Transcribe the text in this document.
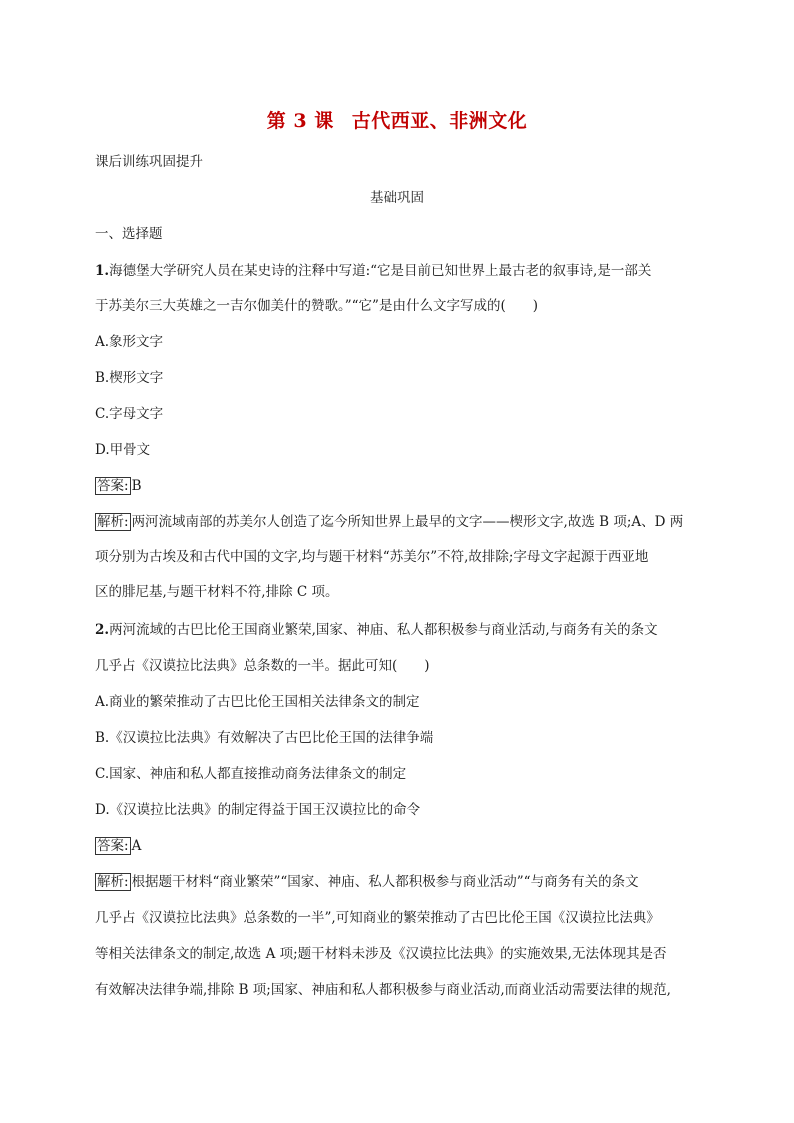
第 3 课 古代西亚、非洲文化

课后训练巩固提升

基础巩固

一、选择题

1.海德堡大学研究人员在某史诗的注释中写道:“它是目前已知世界上最古老的叙事诗,是一部关

于苏美尔三大英雄之一吉尔伽美什的赞歌。”“它”是由什么文字写成的(　　)

A.象形文字

B.楔形文字

C.字母文字

D.甲骨文

答案: B

解析: 两河流域南部的苏美尔人创造了迄今所知世界上最早的文字——楔形文字,故选 B 项;A、D 两

项分别为古埃及和古代中国的文字,均与题干材料“苏美尔”不符,故排除;字母文字起源于西亚地

区的腓尼基,与题干材料不符,排除 C 项。

2.两河流域的古巴比伦王国商业繁荣,国家、神庙、私人都积极参与商业活动,与商务有关的条文

几乎占《汉谟拉比法典》总条数的一半。据此可知(　　)

A.商业的繁荣推动了古巴比伦王国相关法律条文的制定

B.《汉谟拉比法典》有效解决了古巴比伦王国的法律争端

C.国家、神庙和私人都直接推动商务法律条文的制定

D.《汉谟拉比法典》的制定得益于国王汉谟拉比的命令

答案: A

解析: 根据题干材料“商业繁荣”“国家、神庙、私人都积极参与商业活动”“与商务有关的条文

几乎占《汉谟拉比法典》总条数的一半”,可知商业的繁荣推动了古巴比伦王国《汉谟拉比法典》

等相关法律条文的制定,故选 A 项;题干材料未涉及《汉谟拉比法典》的实施效果,无法体现其是否

有效解决法律争端,排除 B 项;国家、神庙和私人都积极参与商业活动,而商业活动需要法律的规范,
